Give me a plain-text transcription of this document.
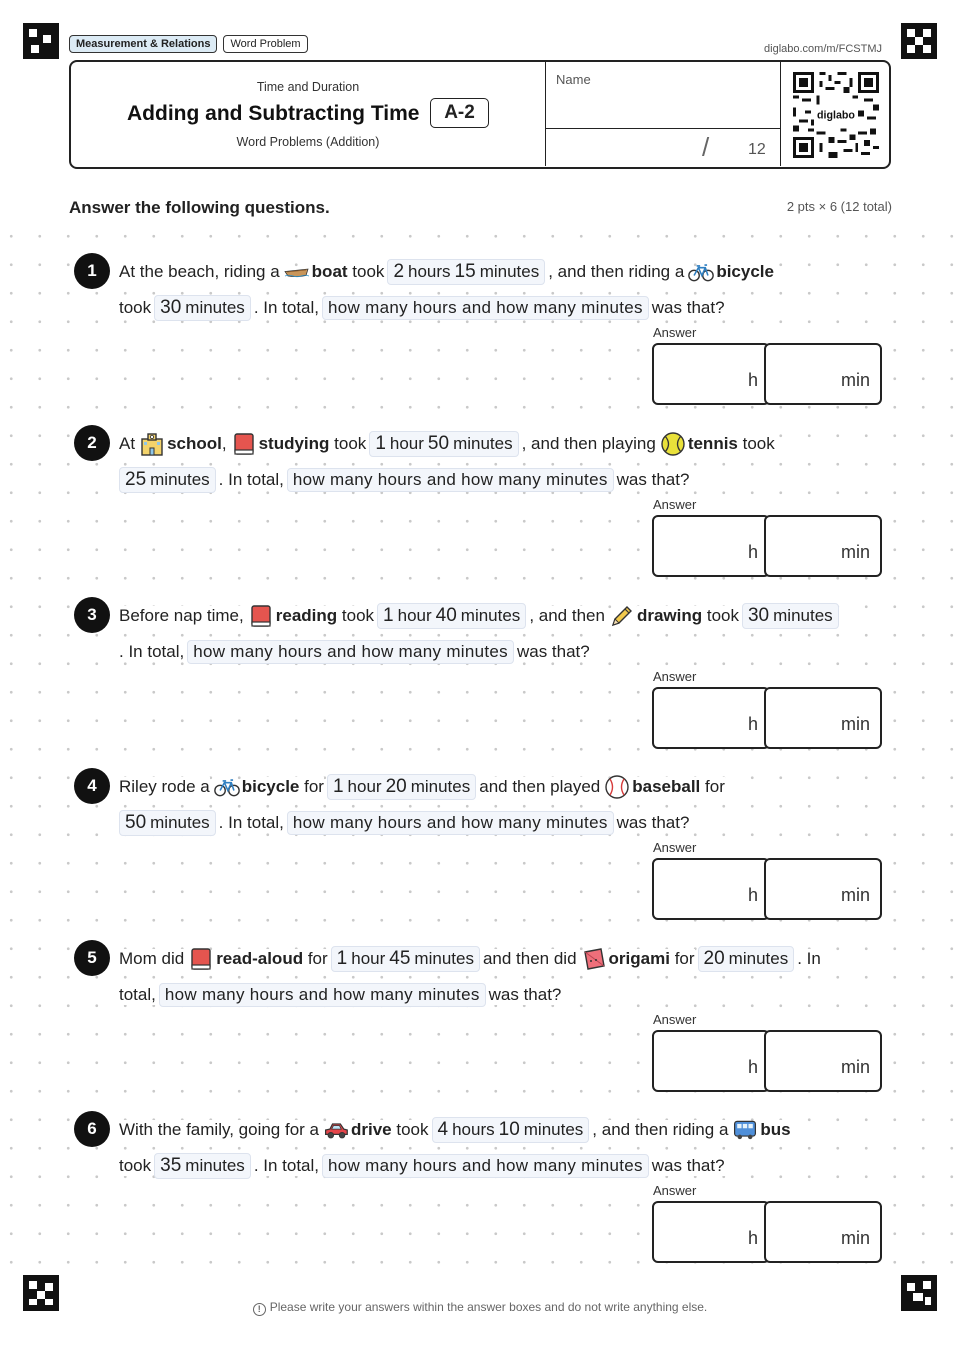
Measurement & Relations	Word Problem	diglabo.com/m/FCSTMJ
Time and Duration
Adding and Subtracting Time	A-2
Word Problems (Addition)
Name
/ 12
diglabo
Answer the following questions.	2 pts × 6 (12 total)
1	At the beach, riding a boat
took 2 hours 15 minutes , and then riding a bicycle
took 30 minutes . In total, how many hours and how many minutes was that?
Answer
h	min
2	At school , studying
took 1 hour 50 minutes , and then playing tennis
took
25 minutes . In total, how many hours and how many minutes was that?
Answer
h	min
3	Before nap time, reading
took 1 hour 40 minutes , and then drawing
took 30 minutes
. In total, how many hours and how many minutes was that?
Answer
h	min
4	Riley rode a bicycle
for 1 hour 20 minutes and then played baseball
for
50 minutes . In total, how many hours and how many minutes was that?
Answer
h	min
5	Mom did read-aloud
for 1 hour 45 minutes and then did origami
for 20 minutes . In
total, how many hours and how many minutes was that?
Answer
h	min
6	With the family, going for a drive
took 4 hours 10 minutes , and then riding a bus
took 35 minutes . In total, how many hours and how many minutes was that?
Answer
h	min
! Please write your answers within the answer boxes and do not write anything else.
